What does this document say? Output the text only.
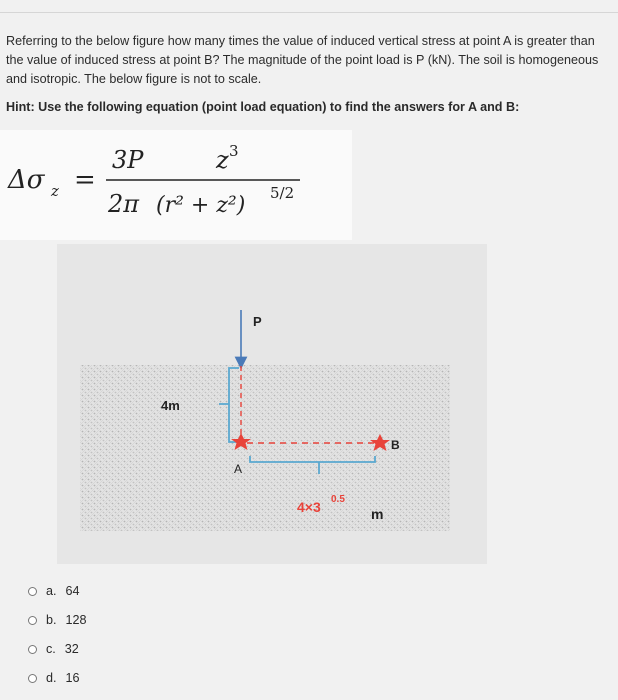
Referring to the below figure how many times the value of induced vertical stress at point A is greater than the value of induced stress at point B? The magnitude of the point load is P (kN). The soil is homogeneous and isotropic. The below figure is not to scale.
Hint: Use the following equation (point load equation) to find the answers for A and B:
Δσ z =
3P
2π
z 3
(r² + z²) 5/2
P
4m
A
B
4×3 0.5
m
a. 64
b. 128
c. 32
d. 16
